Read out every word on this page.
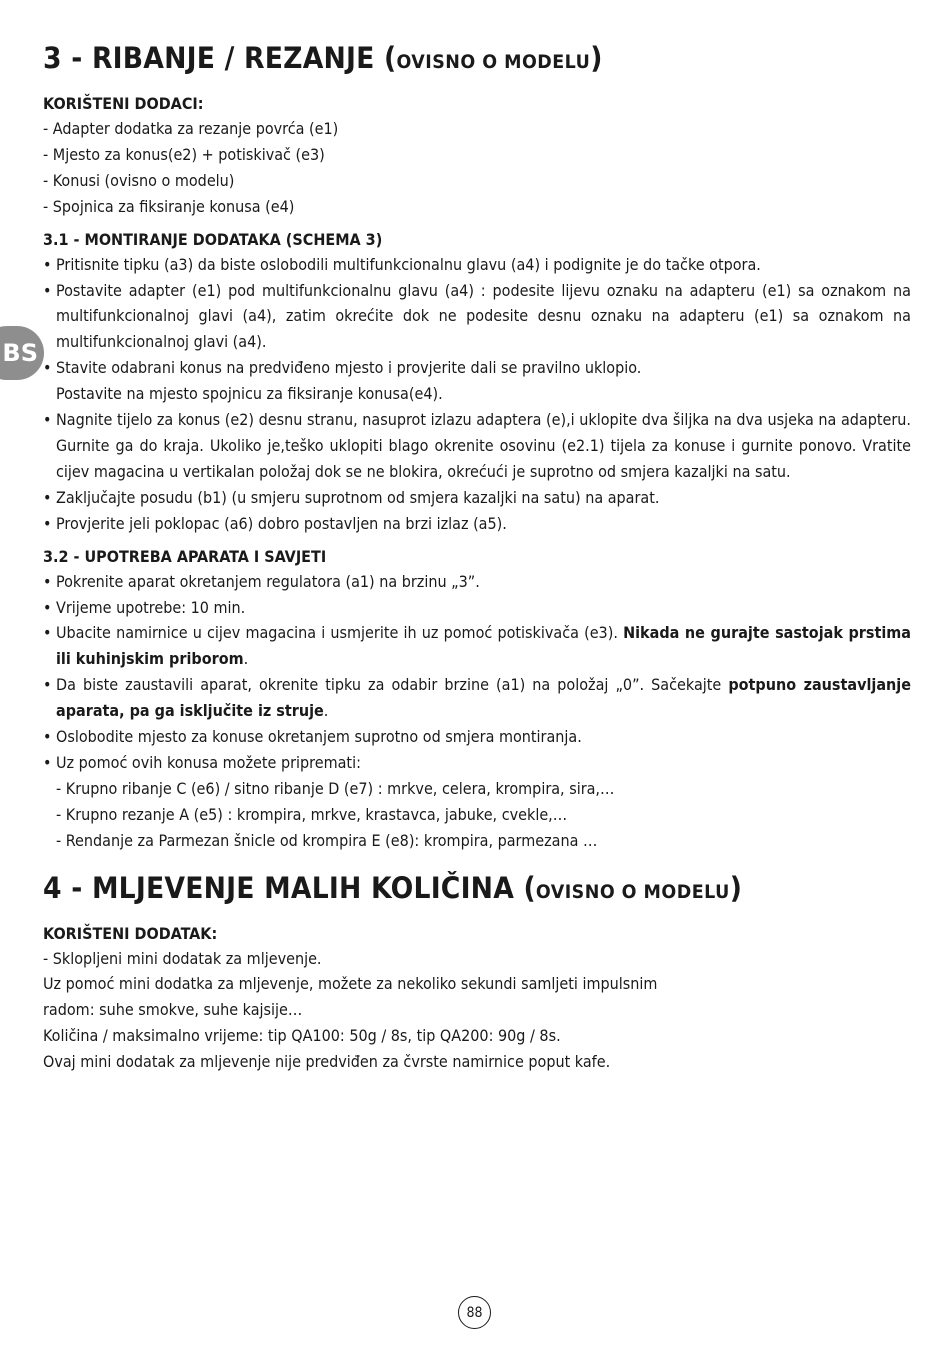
BS
3 - RIBANJE / REZANJE (OVISNO O MODELU)
KORIŠTENI DODACI:
- Adapter dodatka za rezanje povrća (e1)
- Mjesto za konus(e2) + potiskivač (e3)
- Konusi (ovisno o modelu)
- Spojnica za fiksiranje konusa (e4)
3.1 - MONTIRANJE DODATAKA (SCHEMA 3)
• Pritisnite tipku (a3) da biste oslobodili multifunkcionalnu glavu (a4) i podignite je do tačke otpora.
• Postavite adapter (e1) pod multifunkcionalnu glavu (a4) : podesite lijevu oznaku na adapteru (e1) sa oznakom na multifunkcionalnoj glavi (a4), zatim okrećite dok ne podesite desnu oznaku na adapteru (e1) sa oznakom na multifunkcionalnoj glavi (a4).
• Stavite odabrani konus na predviđeno mjesto i provjerite dali se pravilno uklopio.
Postavite na mjesto spojnicu za fiksiranje konusa(e4).
• Nagnite tijelo za konus (e2) desnu stranu, nasuprot izlazu adaptera (e),i uklopite dva šiljka na dva usjeka na adapteru. Gurnite ga do kraja. Ukoliko je,teško uklopiti blago okrenite osovinu (e2.1) tijela za konuse i gurnite ponovo. Vratite cijev magacina u vertikalan položaj dok se ne blokira, okrećući je suprotno od smjera kazaljki na satu.
• Zaključajte posudu (b1) (u smjeru suprotnom od smjera kazaljki na satu) na aparat.
• Provjerite jeli poklopac (a6) dobro postavljen na brzi izlaz (a5).
3.2 - UPOTREBA APARATA I SAVJETI
• Pokrenite aparat okretanjem regulatora (a1) na brzinu „3”.
• Vrijeme upotrebe: 10 min.
• Ubacite namirnice u cijev magacina i usmjerite ih uz pomoć potiskivača (e3). Nikada ne gurajte sastojak prstima ili kuhinjskim priborom.
• Da biste zaustavili aparat, okrenite tipku za odabir brzine (a1) na položaj „0”. Sačekajte potpuno zaustavljanje aparata, pa ga isključite iz struje.
• Oslobodite mjesto za konuse okretanjem suprotno od smjera montiranja.
• Uz pomoć ovih konusa možete pripremati:
- Krupno ribanje C (e6) / sitno ribanje D (e7) : mrkve, celera, krompira, sira,…
- Krupno rezanje A (e5) : krompira, mrkve, krastavca, jabuke, cvekle,…
- Rendanje za Parmezan šnicle od krompira E (e8): krompira, parmezana …
4 - MLJEVENJE MALIH KOLIČINA (OVISNO O MODELU)
KORIŠTENI DODATAK:
- Sklopljeni mini dodatak za mljevenje.
Uz pomoć mini dodatka za mljevenje, možete za nekoliko sekundi samljeti impulsnim
radom: suhe smokve, suhe kajsije…
Količina / maksimalno vrijeme: tip QA100: 50g / 8s, tip QA200: 90g / 8s.
Ovaj mini dodatak za mljevenje nije predviđen za čvrste namirnice poput kafe.
88
